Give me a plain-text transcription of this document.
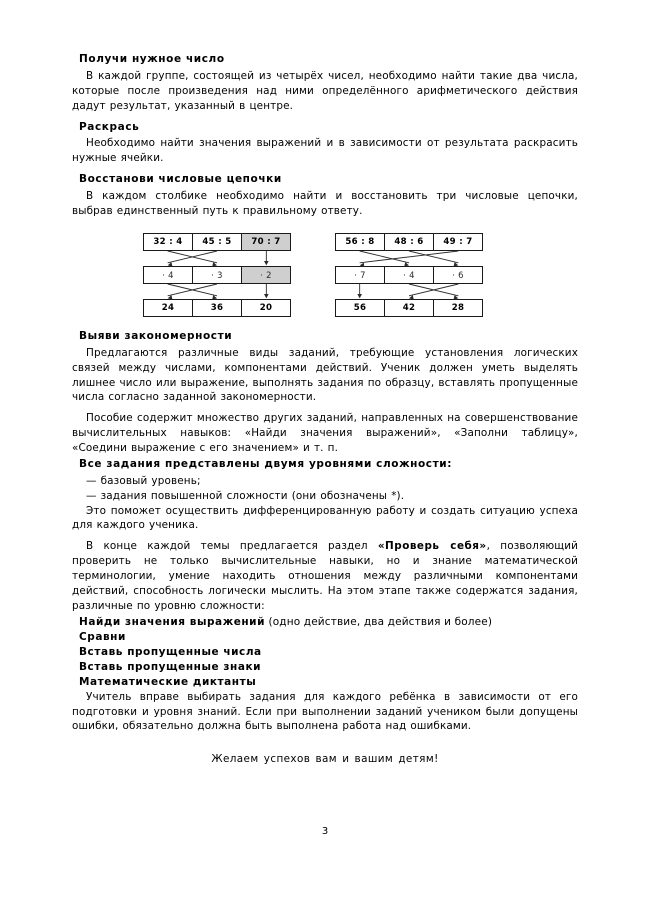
Получи нужное число

В каждой группе, состоящей из четырёх чисел, необходимо найти такие два числа, которые после произведения над ними определённого арифметического действия дадут результат, указанный в центре.

Раскрась

Необходимо найти значения выражений и в зависимости от результата раскрасить нужные ячейки.

Восстанови числовые цепочки

В каждом столбике необходимо найти и восстановить три числовые цепочки, выбрав единственный путь к правильному ответу.

32 : 4	45 : 5	70 : 7
· 4	· 3	· 2
24	36	20
56 : 8	48 : 6	49 : 7
· 7	· 4	· 6
56	42	28
Выяви закономерности

Предлагаются различные виды заданий, требующие установления логических связей между числами, компонентами действий. Ученик должен уметь выделять лишнее число или выражение, выполнять задания по образцу, вставлять пропущенные числа согласно заданной закономерности.

Пособие содержит множество других заданий, направленных на совершенствование вычислительных навыков: «Найди значения выражений», «Заполни таблицу», «Соедини выражение с его значением» и т. п.

Все задания представлены двумя уровнями сложности:

— базовый уровень;

— задания повышенной сложности (они обозначены *).

Это поможет осуществить дифференцированную работу и создать ситуацию успеха для каждого ученика.

В конце каждой темы предлагается раздел «Проверь себя», позволяющий проверить не только вычислительные навыки, но и знание математической терминологии, умение находить отношения между различными компонентами действий, способность логически мыслить. На этом этапе также содержатся задания, различные по уровню сложности:

Найди значения выражений (одно действие, два действия и более)

Сравни

Вставь пропущенные числа

Вставь пропущенные знаки

Математические диктанты

Учитель вправе выбирать задания для каждого ребёнка в зависимости от его подготовки и уровня знаний. Если при выполнении заданий учеником были допущены ошибки, обязательно должна быть выполнена работа над ошибками.

Желаем успехов вам и вашим детям!

3
